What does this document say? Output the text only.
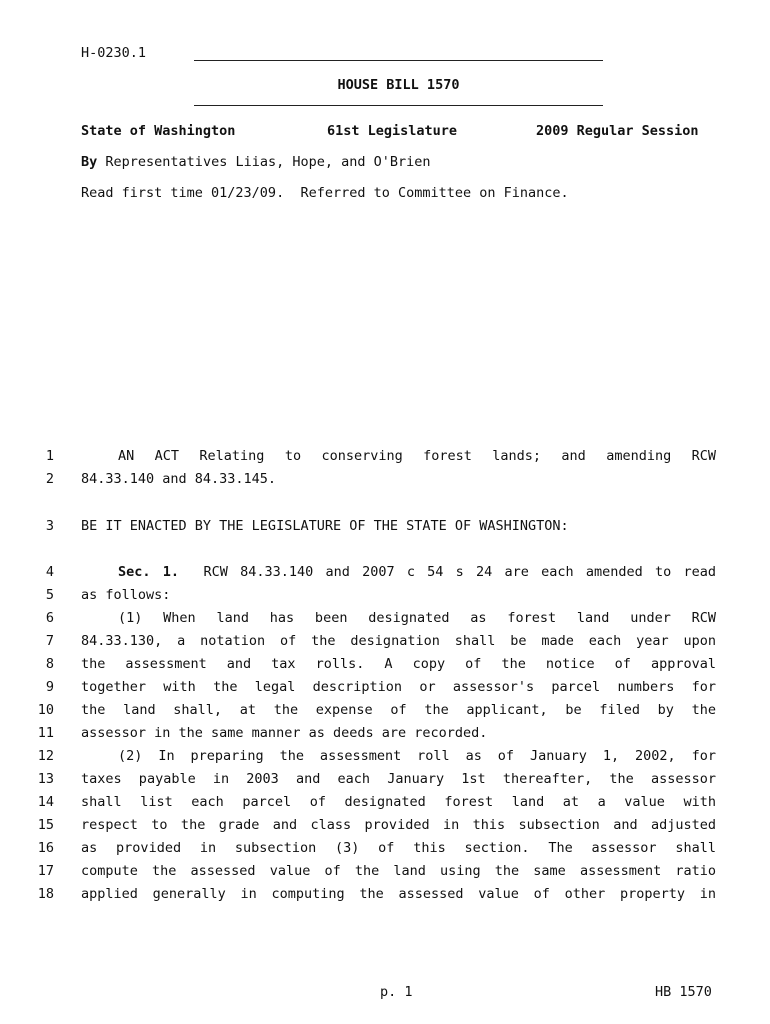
H-0230.1
HOUSE BILL 1570
State of Washington	61st Legislature	2009 Regular Session
By Representatives Liias, Hope, and O'Brien
Read first time 01/23/09.  Referred to Committee on Finance.
1	AN ACT Relating to conserving forest lands; and amending RCW
2 84.33.140 and 84.33.145.
3 BE IT ENACTED BY THE LEGISLATURE OF THE STATE OF WASHINGTON:
4	Sec. 1. RCW 84.33.140 and 2007 c 54 s 24 are each amended to read
5 as follows:
6	(1) When land has been designated as forest land under RCW
7 84.33.130, a notation of the designation shall be made each year upon
8 the assessment and tax rolls. A copy of the notice of approval
9 together with the legal description or assessor's parcel numbers for
10 the land shall, at the expense of the applicant, be filed by the
11 assessor in the same manner as deeds are recorded.
12	(2) In preparing the assessment roll as of January 1, 2002, for
13 taxes payable in 2003 and each January 1st thereafter, the assessor
14 shall list each parcel of designated forest land at a value with
15 respect to the grade and class provided in this subsection and adjusted
16 as provided in subsection (3) of this section. The assessor shall
17 compute the assessed value of the land using the same assessment ratio
18 applied generally in computing the assessed value of other property in
p. 1	HB 1570
